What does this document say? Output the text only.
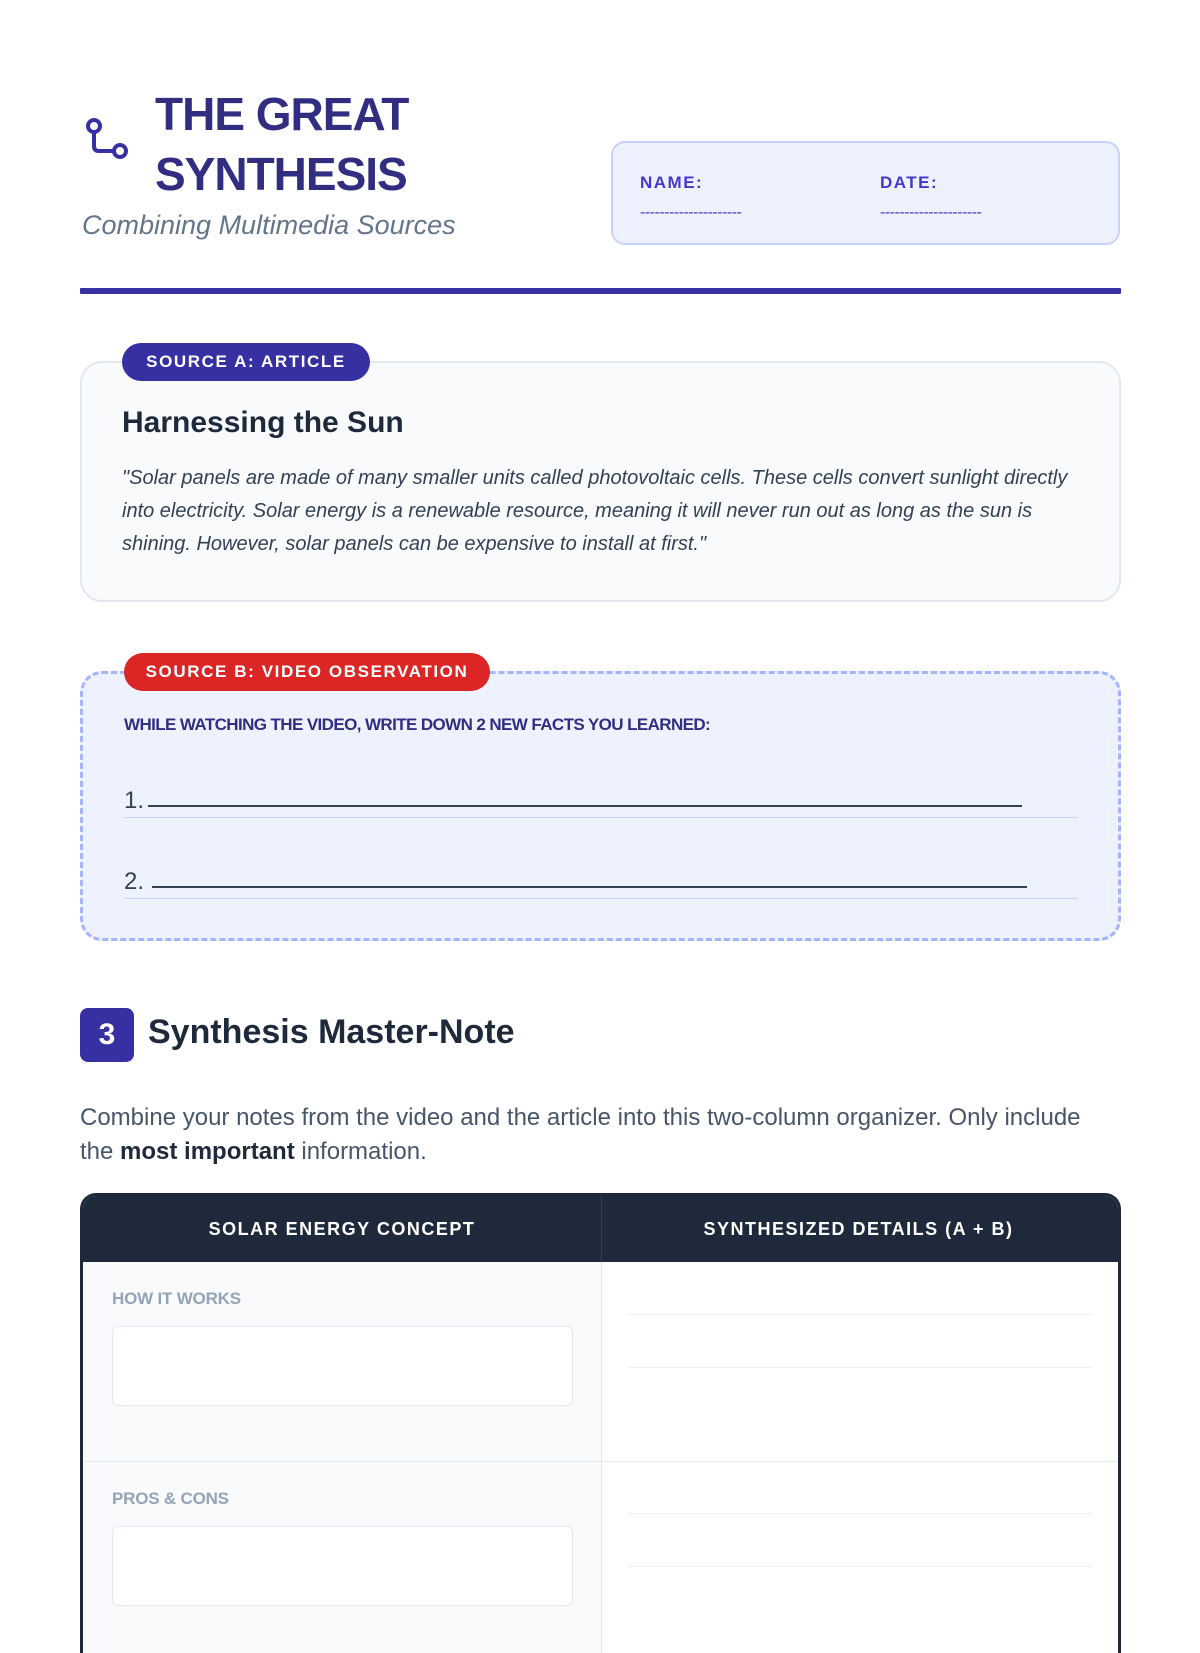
THE GREAT
SYNTHESIS
Combining Multimedia Sources
NAME:
---------------------
DATE:
---------------------
SOURCE A: ARTICLE
Harnessing the Sun
"Solar panels are made of many smaller units called photovoltaic cells. These cells convert sunlight directly into electricity. Solar energy is a renewable resource, meaning it will never run out as long as the sun is shining. However, solar panels can be expensive to install at first."
SOURCE B: VIDEO OBSERVATION
WHILE WATCHING THE VIDEO, WRITE DOWN 2 NEW FACTS YOU LEARNED:
1.
2.
3 Synthesis Master-Note
Combine your notes from the video and the article into this two-column organizer. Only include the most important information.
SOLAR ENERGY CONCEPT	SYNTHESIZED DETAILS (A + B)
HOW IT WORKS
PROS & CONS
